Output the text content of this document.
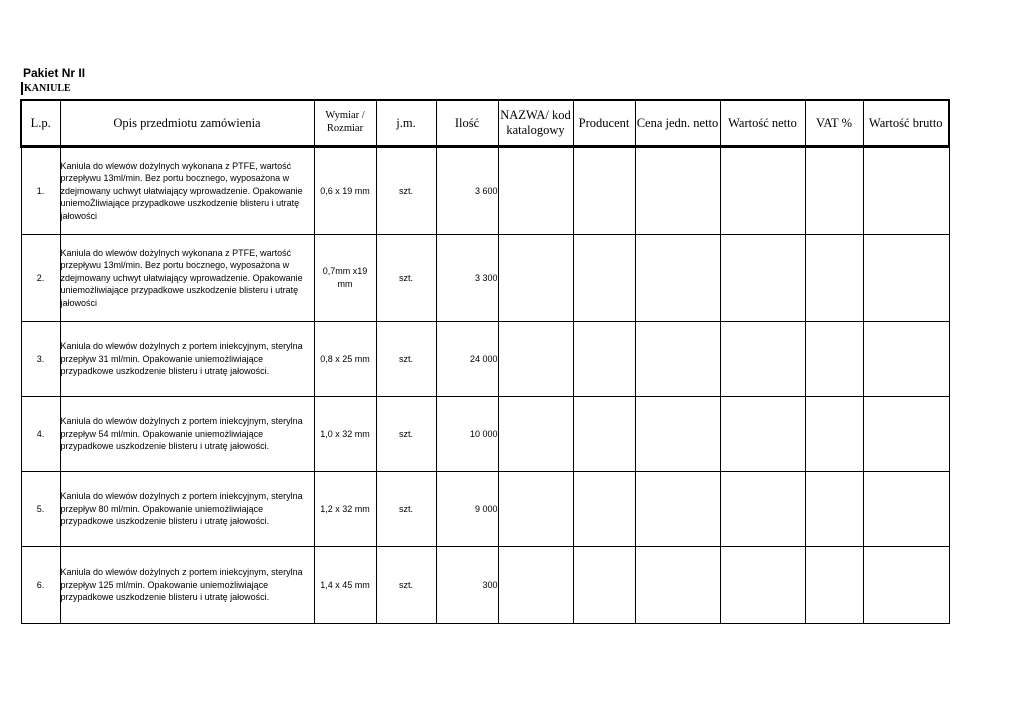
Pakiet Nr II
KANIULE
L.p.	Opis przedmiotu zamówienia	Wymiar / Rozmiar	j.m.	Ilość	NAZWA/ kod katalogowy	Producent	Cena jedn. netto	Wartość netto	VAT %	Wartość brutto
1.	Kaniula do wlewów dożylnych wykonana z PTFE, wartość przepływu 13ml/min. Bez portu bocznego, wyposażona w zdejmowany uchwyt ułatwiający wprowadzenie. Opakowanie uniemoŻliwiające przypadkowe uszkodzenie blisteru i utratę jałowości	0,6 x 19 mm	szt.	3 600						
2.	Kaniula do wlewów dożylnych wykonana z PTFE, wartość przepływu 13ml/min. Bez portu bocznego, wyposażona w zdejmowany uchwyt ułatwiający wprowadzenie. Opakowanie uniemożliwiające przypadkowe uszkodzenie blisteru i utratę jałowości	0,7mm x19 mm	szt.	3 300						
3.	Kaniula do wlewów dożylnych z portem iniekcyjnym, sterylna przepływ 31 ml/min. Opakowanie uniemożliwiające przypadkowe uszkodzenie blisteru i utratę jałowości.	0,8 x 25 mm	szt.	24 000						
4.	Kaniula do wlewów dożylnych z portem iniekcyjnym, sterylna przepływ 54 ml/min. Opakowanie uniemożliwiające przypadkowe uszkodzenie blisteru i utratę jałowości.	1,0 x 32 mm	szt.	10 000						
5.	Kaniula do wlewów dożylnych z portem iniekcyjnym, sterylna przepływ 80 ml/min. Opakowanie uniemożliwiające przypadkowe uszkodzenie blisteru i utratę jałowości.	1,2 x 32 mm	szt.	9 000						
6.	Kaniula do wlewów dożylnych z portem iniekcyjnym, sterylna przepływ 125 ml/min. Opakowanie uniemożliwiające przypadkowe uszkodzenie blisteru i utratę jałowości.	1,4 x 45 mm	szt.	300						
